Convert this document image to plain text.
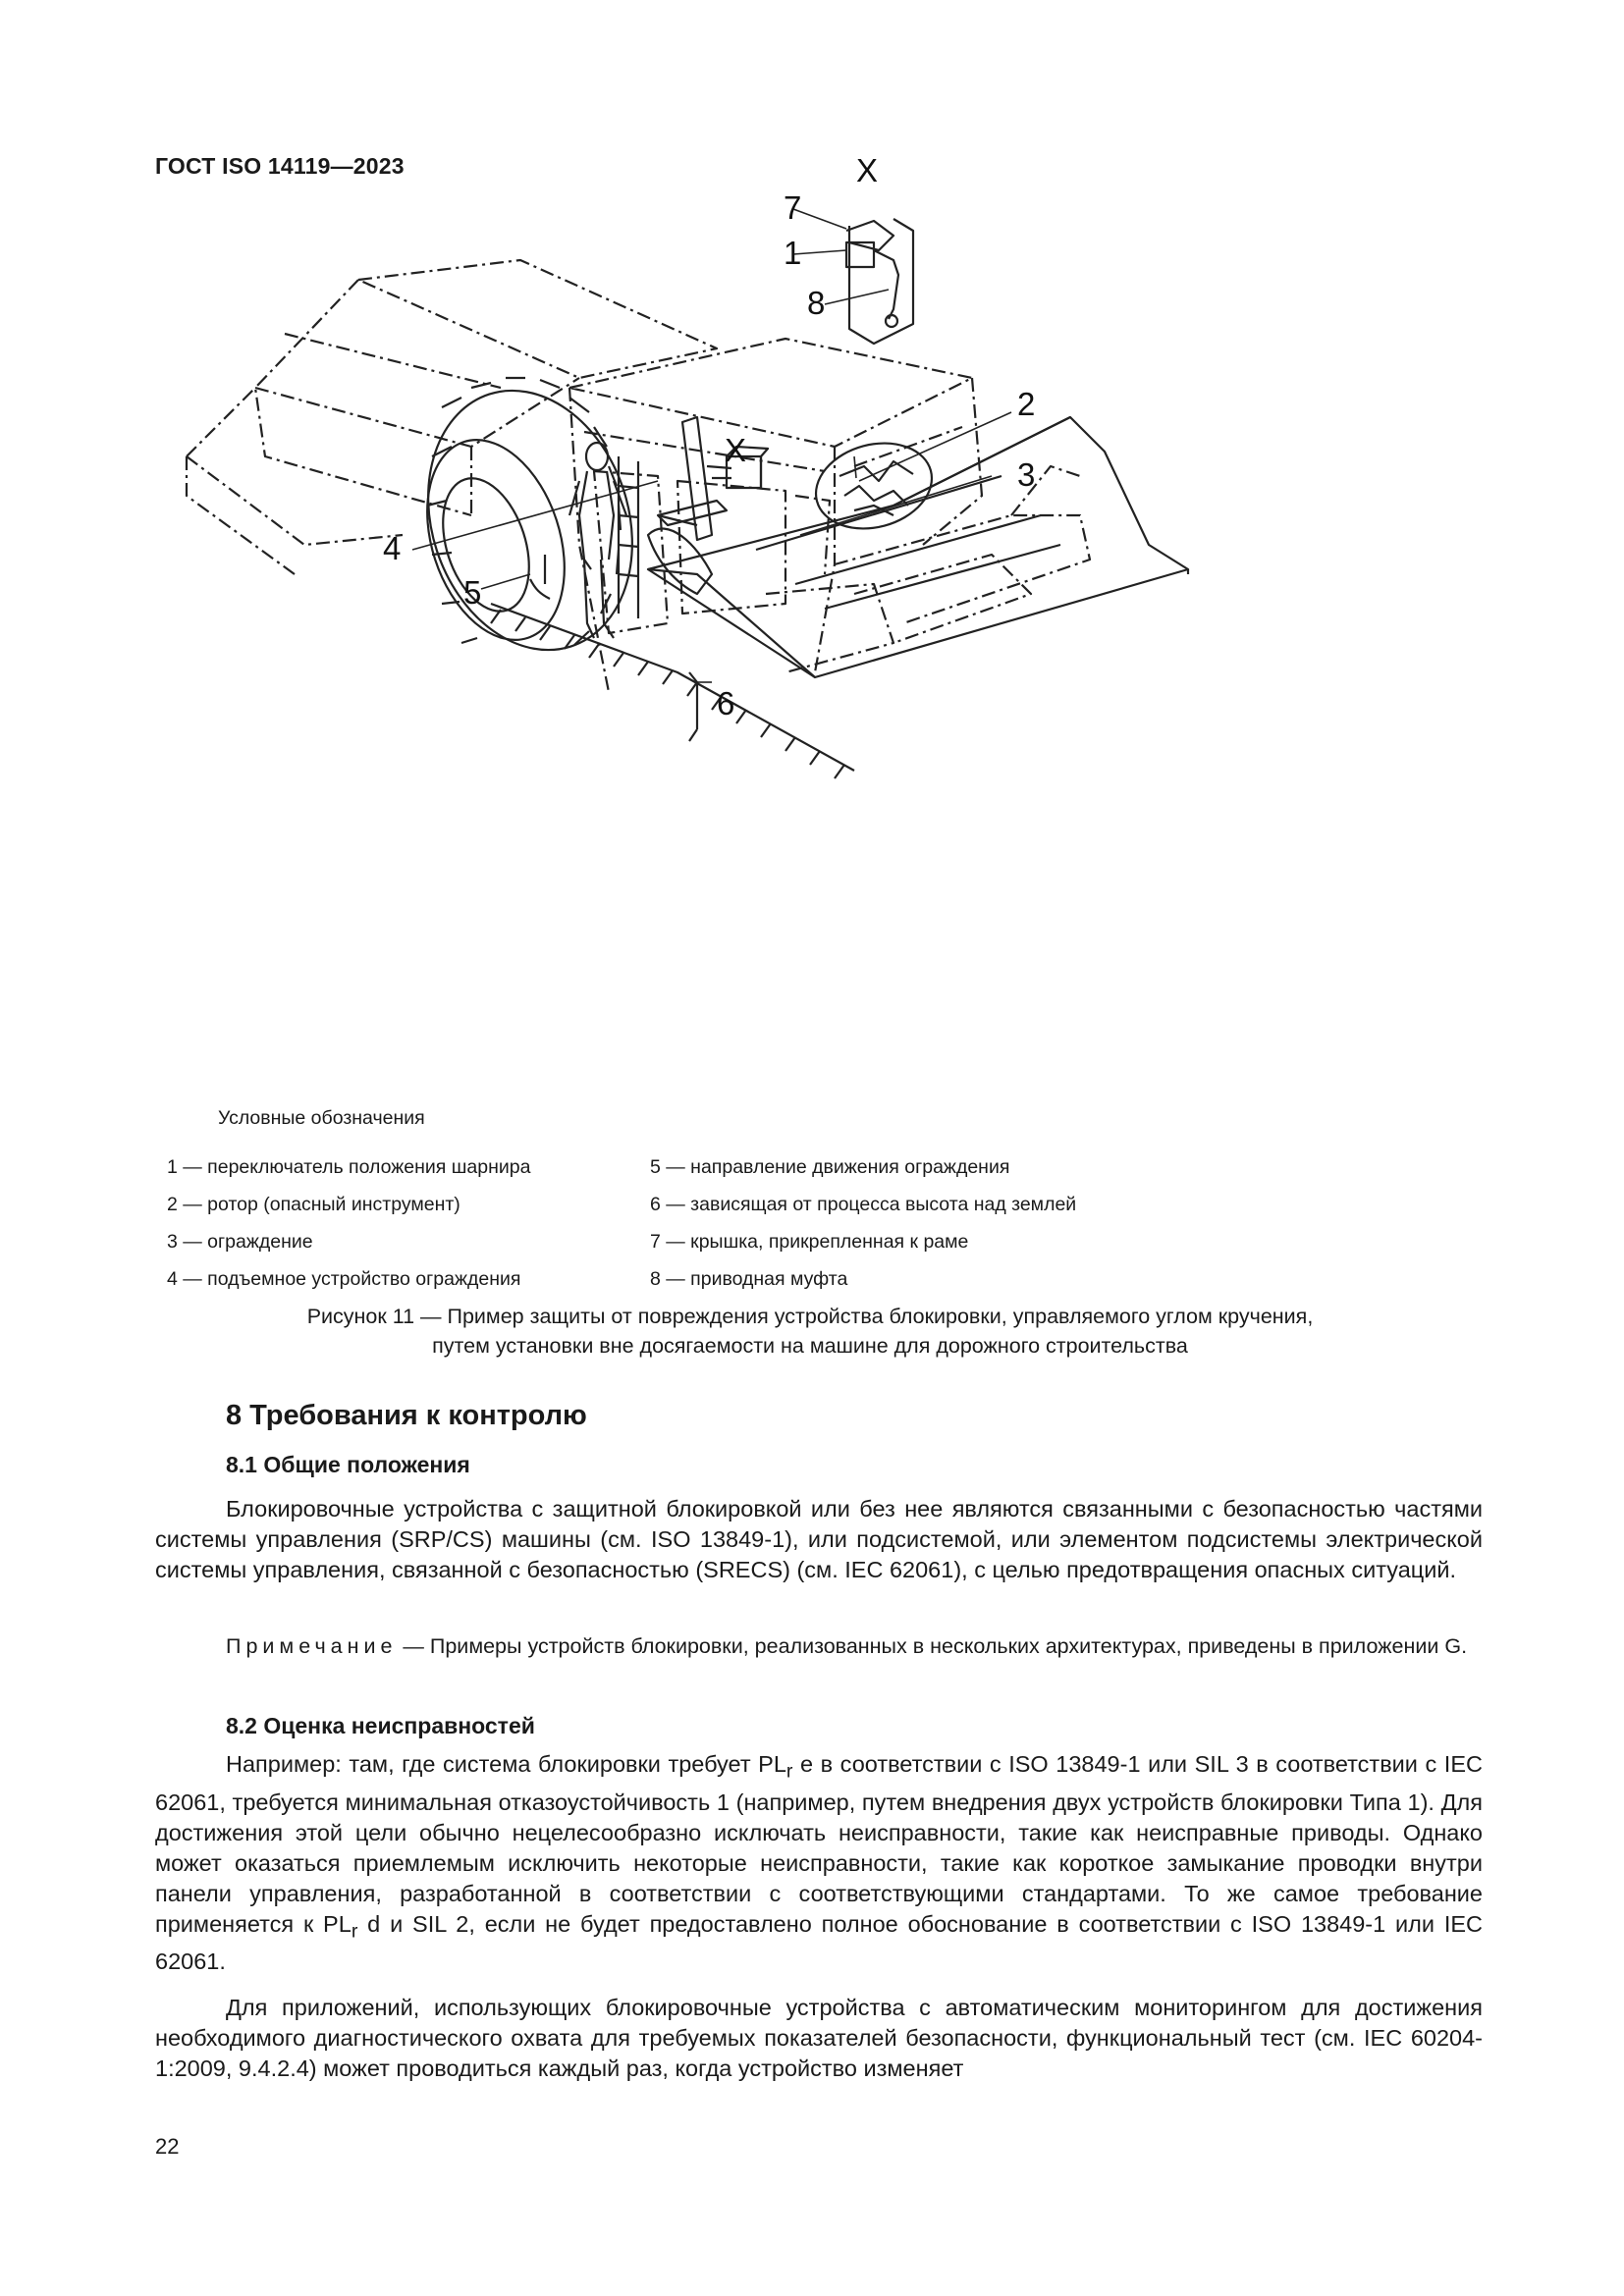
ГОСТ ISO 14119—2023	X
7
1
8
X
2
3
4
5
6
Условные обозначения
1 — переключатель положения шарнира
2 — ротор (опасный инструмент)
3 — ограждение
4 — подъемное устройство ограждения
5 — направление движения ограждения
6 — зависящая от процесса высота над землей
7 — крышка, прикрепленная к раме
8 — приводная муфта
Рисунок 11 — Пример защиты от повреждения устройства блокировки, управляемого углом кручения,
путем установки вне досягаемости на машине для дорожного строительства
8 Требования к контролю
8.1 Общие положения
Блокировочные устройства с защитной блокировкой или без нее являются связанными с безопасностью частями системы управления (SRP/CS) машины (см. ISO 13849-1), или подсистемой, или элементом подсистемы электрической системы управления, связанной с безопасностью (SRECS) (см. IEC 62061), с целью предотвращения опасных ситуаций.
Примечание — Примеры устройств блокировки, реализованных в нескольких архитектурах, приведены в приложении G.
8.2 Оценка неисправностей
Например: там, где система блокировки требует $PL_r$ e в соответствии с ISO 13849-1 или SIL 3 в соответствии с IEC 62061, требуется минимальная отказоустойчивость 1 (например, путем внедрения двух устройств блокировки Типа 1). Для достижения этой цели обычно нецелесообразно исключать неисправности, такие как неисправные приводы. Однако может оказаться приемлемым исключить некоторые неисправности, такие как короткое замыкание проводки внутри панели управления, разработанной в соответствии с соответствующими стандартами. То же самое требование применяется к $PL_r$ d и SIL 2, если не будет предоставлено полное обоснование в соответствии с ISO 13849-1 или IEC 62061.
Для приложений, использующих блокировочные устройства с автоматическим мониторингом для достижения необходимого диагностического охвата для требуемых показателей безопасности, функциональный тест (см. IEC 60204-1:2009, 9.4.2.4) может проводиться каждый раз, когда устройство изменяет
22
